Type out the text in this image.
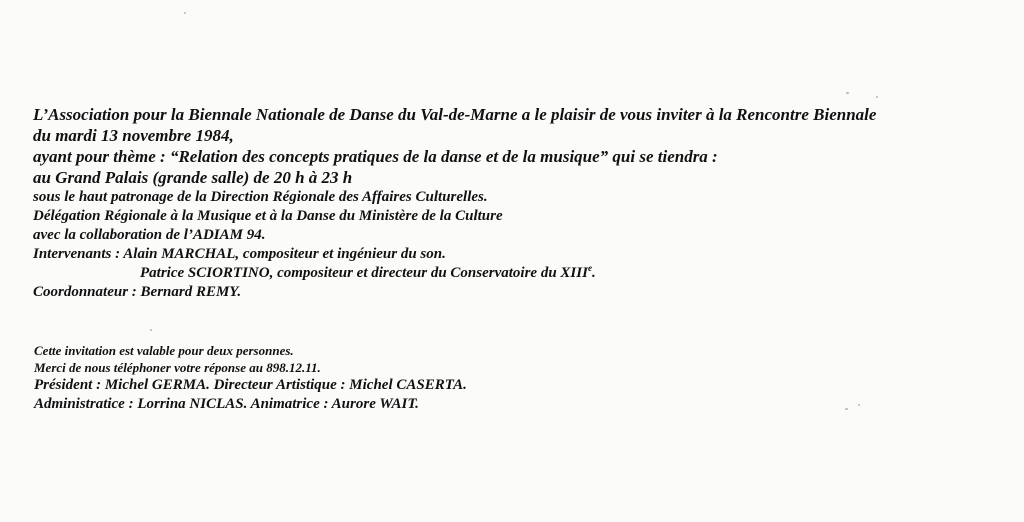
L’Association pour la Biennale Nationale de Danse du Val-de-Marne a le plaisir de vous inviter à la Rencontre Biennale

du mardi 13 novembre 1984,

ayant pour thème : “Relation des concepts pratiques de la danse et de la musique” qui se tiendra :

au Grand Palais (grande salle) de 20 h à 23 h

sous le haut patronage de la Direction Régionale des Affaires Culturelles.

Délégation Régionale à la Musique et à la Danse du Ministère de la Culture

avec la collaboration de l’ADIAM 94.

Intervenants : Alain MARCHAL, compositeur et ingénieur du son.

Patrice SCIORTINO, compositeur et directeur du Conservatoire du XIIIe.

Coordonnateur : Bernard REMY.

Cette invitation est valable pour deux personnes.

Merci de nous téléphoner votre réponse au 898.12.11.

Président : Michel GERMA. Directeur Artistique : Michel CASERTA.

Administratice : Lorrina NICLAS. Animatrice : Aurore WAIT.
